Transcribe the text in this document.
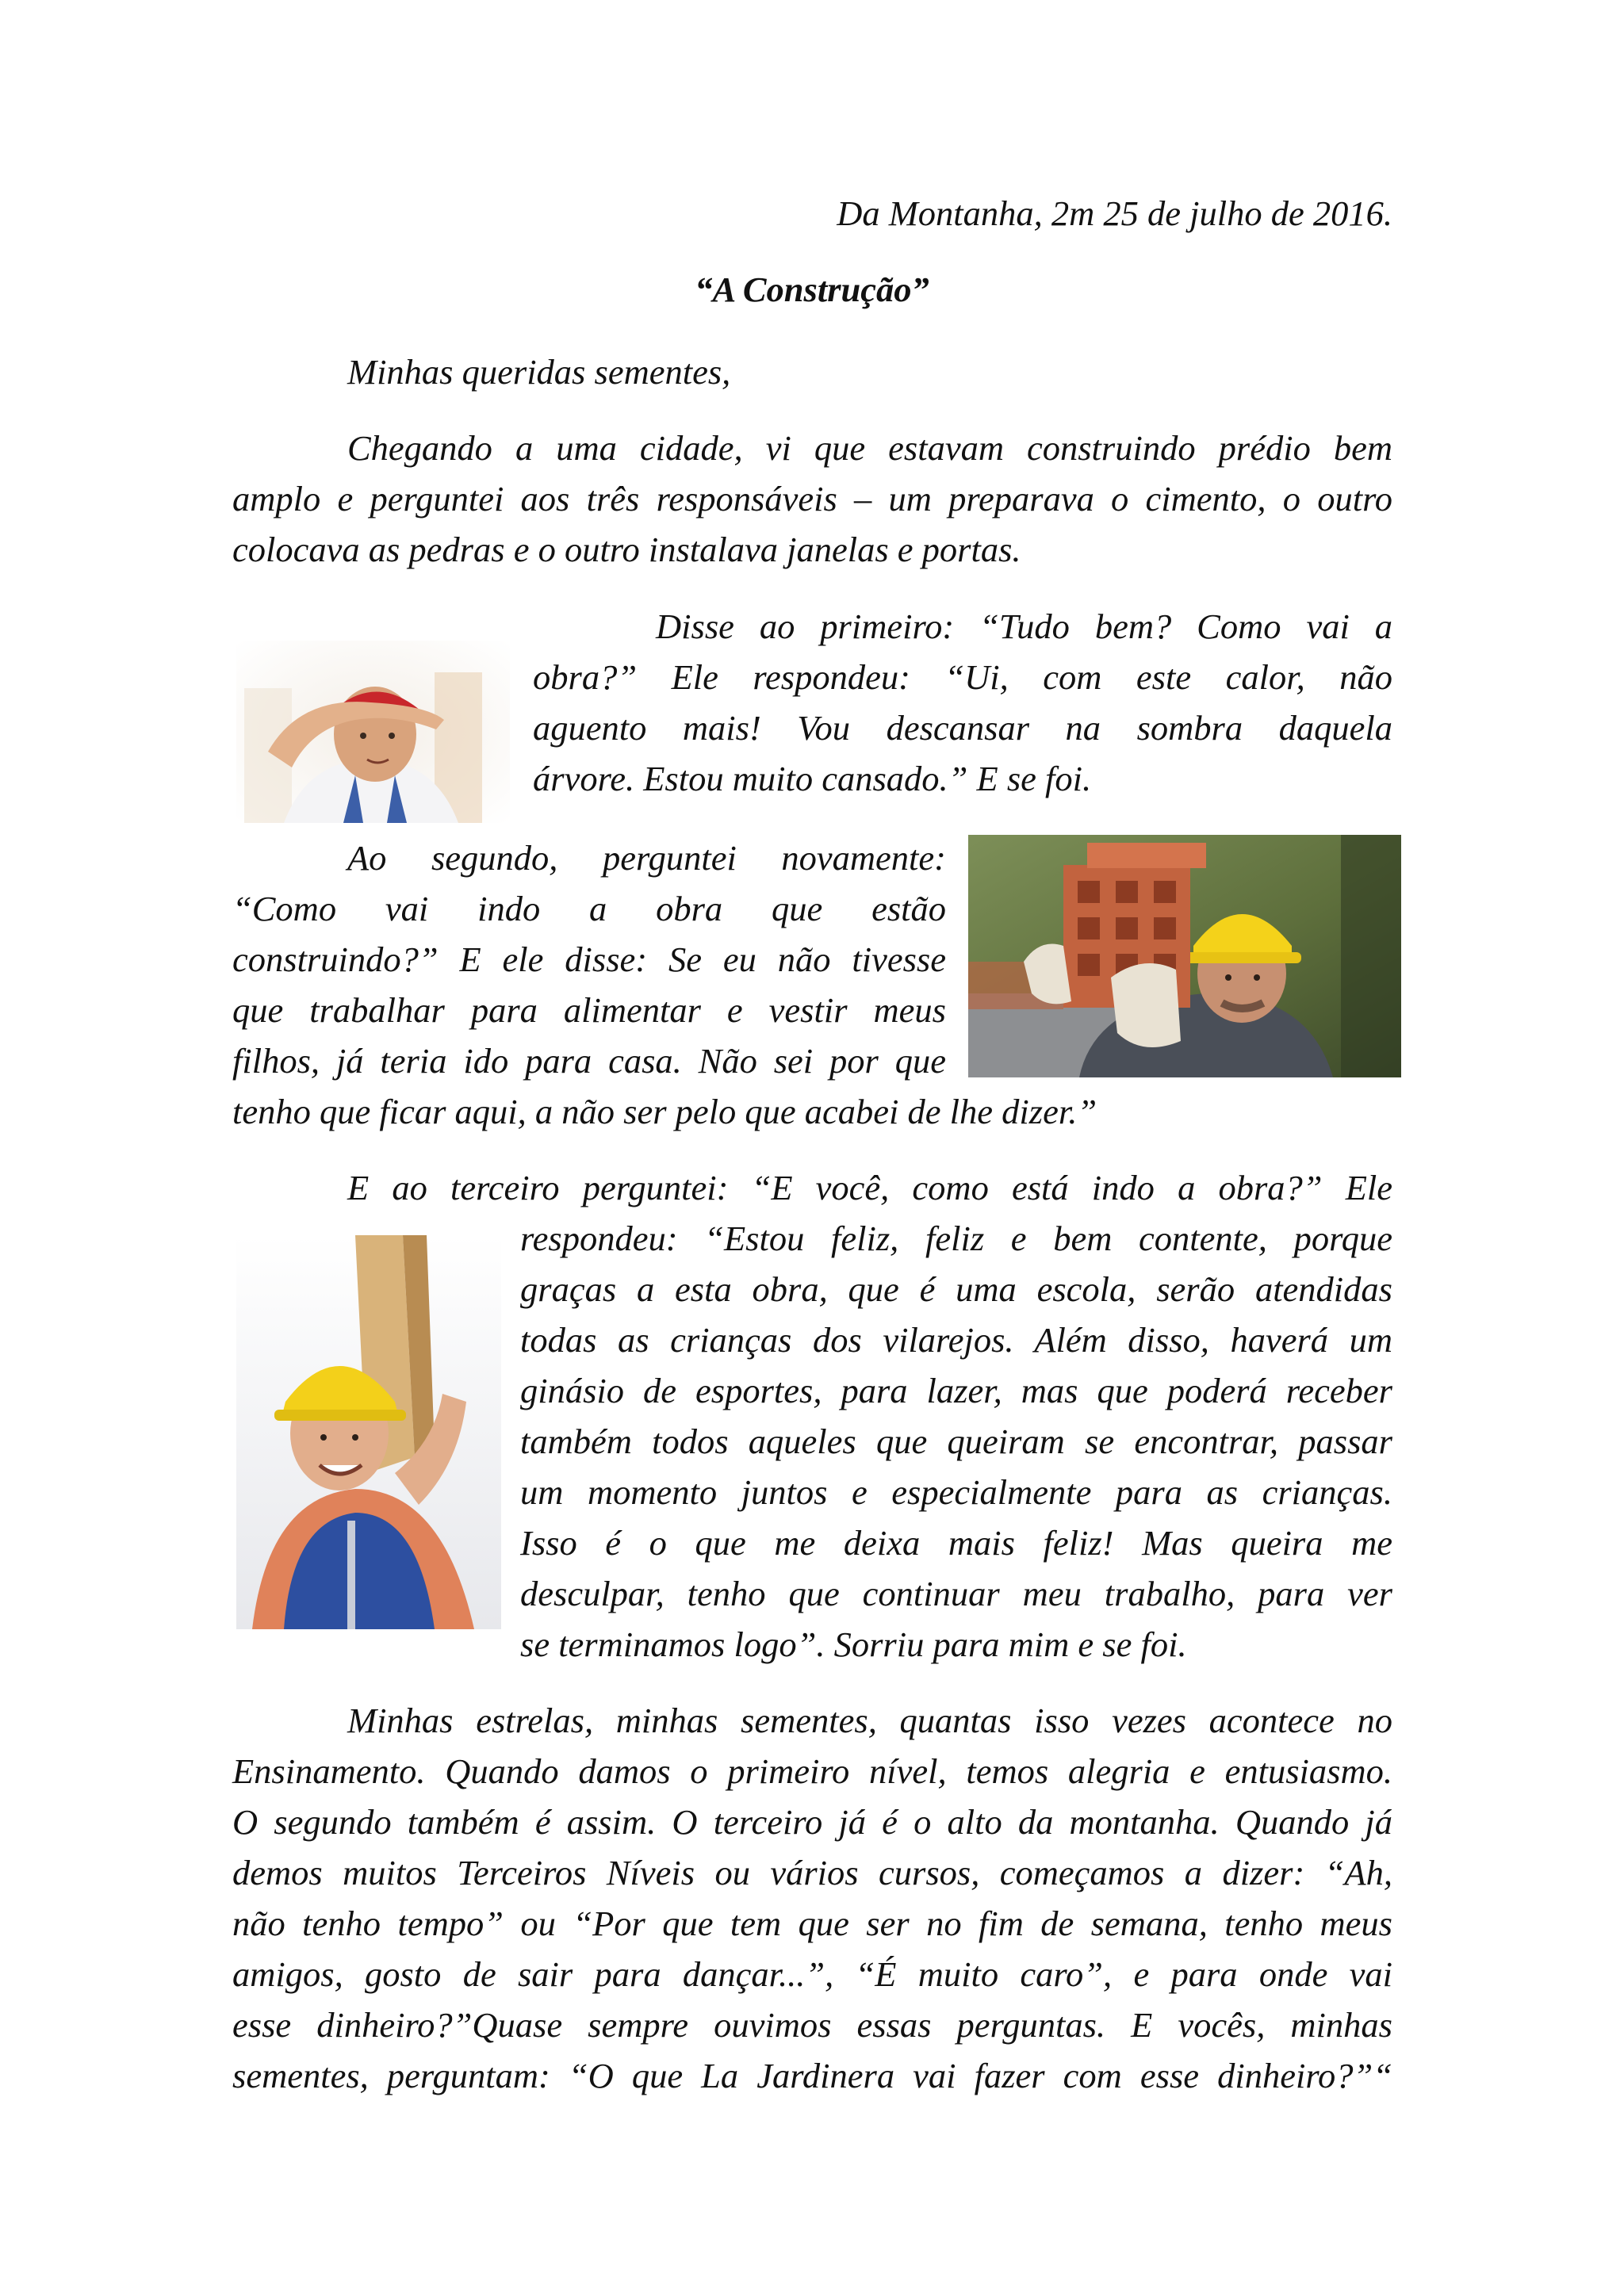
Da Montanha, 2m 25 de julho de 2016.
“A Construção”
Minhas queridas sementes,

Chegando a uma cidade, vi que estavam construindo prédio bem

amplo e perguntei aos três responsáveis – um preparava o cimento, o outro

colocava as pedras e o outro instalava janelas e portas.

Disse ao primeiro: “Tudo bem? Como vai a

obra?” Ele respondeu: “Ui, com este calor, não

aguento mais! Vou descansar na sombra daquela

árvore. Estou muito cansado.” E se foi.

Ao segundo, perguntei novamente:

“Como vai indo a obra que estão

construindo?” E ele disse: Se eu não tivesse

que trabalhar para alimentar e vestir meus

filhos, já teria ido para casa. Não sei por que

tenho que ficar aqui, a não ser pelo que acabei de lhe dizer.”

E ao terceiro perguntei: “E você, como está indo a obra?” Ele

respondeu: “Estou feliz, feliz e bem contente, porque

graças a esta obra, que é uma escola, serão atendidas

todas as crianças dos vilarejos. Além disso, haverá um

ginásio de esportes, para lazer, mas que poderá receber

também todos aqueles que queiram se encontrar, passar

um momento juntos e especialmente para as crianças.

Isso é o que me deixa mais feliz! Mas queira me

desculpar, tenho que continuar meu trabalho, para ver

se terminamos logo”. Sorriu para mim e se foi.

Minhas estrelas, minhas sementes, quantas isso vezes acontece no

Ensinamento. Quando damos o primeiro nível, temos alegria e entusiasmo.

O segundo também é assim. O terceiro já é o alto da montanha. Quando já

demos muitos Terceiros Níveis ou vários cursos, começamos a dizer: “Ah,

não tenho tempo” ou “Por que tem que ser no fim de semana, tenho meus

amigos, gosto de sair para dançar...”, “É muito caro”, e para onde vai

esse dinheiro?”Quase sempre ouvimos essas perguntas. E vocês, minhas

sementes, perguntam: “O que La Jardinera vai fazer com esse dinheiro?”“
